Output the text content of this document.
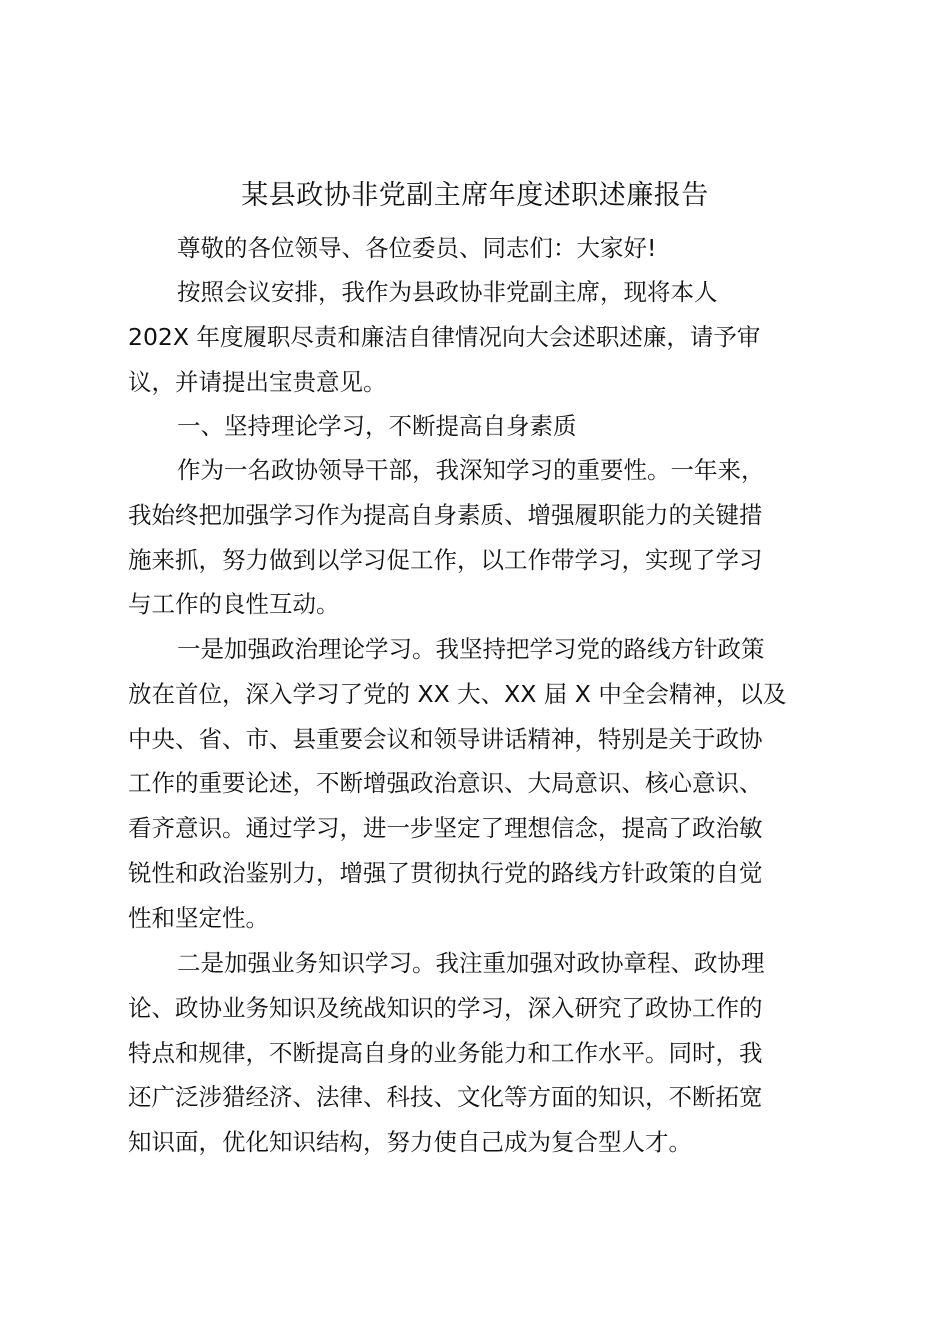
某县政协非党副主席年度述职述廉报告

尊敬的各位领导、各位委员、同志们：大家好!

按照会议安排，我作为县政协非党副主席，现将本人
202X 年度履职尽责和廉洁自律情况向大会述职述廉，请予审
议，并请提出宝贵意见。

一、坚持理论学习，不断提高自身素质

作为一名政协领导干部，我深知学习的重要性。一年来，
我始终把加强学习作为提高自身素质、增强履职能力的关键措
施来抓，努力做到以学习促工作，以工作带学习，实现了学习
与工作的良性互动。

一是加强政治理论学习。我坚持把学习党的路线方针政策
放在首位，深入学习了党的 XX 大、XX 届 X 中全会精神，以及
中央、省、市、县重要会议和领导讲话精神，特别是关于政协
工作的重要论述，不断增强政治意识、大局意识、核心意识、
看齐意识。通过学习，进一步坚定了理想信念，提高了政治敏
锐性和政治鉴别力，增强了贯彻执行党的路线方针政策的自觉
性和坚定性。

二是加强业务知识学习。我注重加强对政协章程、政协理
论、政协业务知识及统战知识的学习，深入研究了政协工作的
特点和规律，不断提高自身的业务能力和工作水平。同时，我
还广泛涉猎经济、法律、科技、文化等方面的知识，不断拓宽
知识面，优化知识结构，努力使自己成为复合型人才。
